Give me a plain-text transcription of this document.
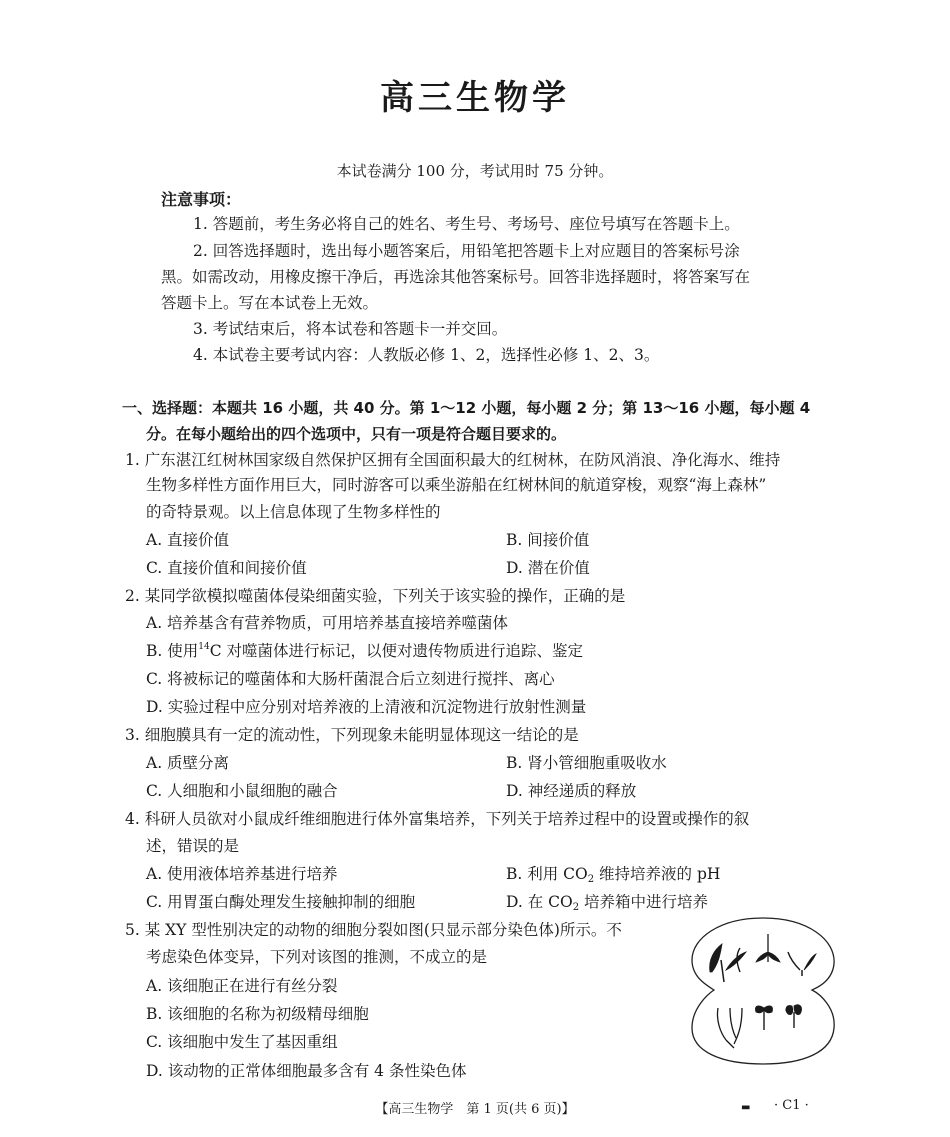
高三生物学
本试卷满分 100 分，考试用时 75 分钟。
注意事项：
1. 答题前，考生务必将自己的姓名、考生号、考场号、座位号填写在答题卡上。
2. 回答选择题时，选出每小题答案后，用铅笔把答题卡上对应题目的答案标号涂
黑。如需改动，用橡皮擦干净后，再选涂其他答案标号。回答非选择题时，将答案写在
答题卡上。写在本试卷上无效。
3. 考试结束后，将本试卷和答题卡一并交回。
4. 本试卷主要考试内容：人教版必修 1、2，选择性必修 1、2、3。
一、选择题：本题共 16 小题，共 40 分。第 1～12 小题，每小题 2 分；第 13～16 小题，每小题 4
分。在每小题给出的四个选项中，只有一项是符合题目要求的。
1. 广东湛江红树林国家级自然保护区拥有全国面积最大的红树林，在防风消浪、净化海水、维持
生物多样性方面作用巨大，同时游客可以乘坐游船在红树林间的航道穿梭，观察“海上森林”
的奇特景观。以上信息体现了生物多样性的
A. 直接价值	B. 间接价值
C. 直接价值和间接价值	D. 潜在价值
2. 某同学欲模拟噬菌体侵染细菌实验，下列关于该实验的操作，正确的是
A. 培养基含有营养物质，可用培养基直接培养噬菌体
B. 使用$^{14}$C 对噬菌体进行标记，以便对遗传物质进行追踪、鉴定
C. 将被标记的噬菌体和大肠杆菌混合后立刻进行搅拌、离心
D. 实验过程中应分别对培养液的上清液和沉淀物进行放射性测量
3. 细胞膜具有一定的流动性，下列现象未能明显体现这一结论的是
A. 质壁分离	B. 肾小管细胞重吸收水
C. 人细胞和小鼠细胞的融合	D. 神经递质的释放
4. 科研人员欲对小鼠成纤维细胞进行体外富集培养，下列关于培养过程中的设置或操作的叙
述，错误的是
A. 使用液体培养基进行培养	B. 利用 $CO_2$ 维持培养液的 pH
C. 用胃蛋白酶处理发生接触抑制的细胞	D. 在 $CO_2$ 培养箱中进行培养
5. 某 XY 型性别决定的动物的细胞分裂如图(只显示部分染色体)所示。不
考虑染色体变异，下列对该图的推测，不成立的是
A. 该细胞正在进行有丝分裂
B. 该细胞的名称为初级精母细胞
C. 该细胞中发生了基因重组
D. 该动物的正常体细胞最多含有 4 条性染色体
【高三生物学　第 1 页(共 6 页)】	▬ · C1 ·
